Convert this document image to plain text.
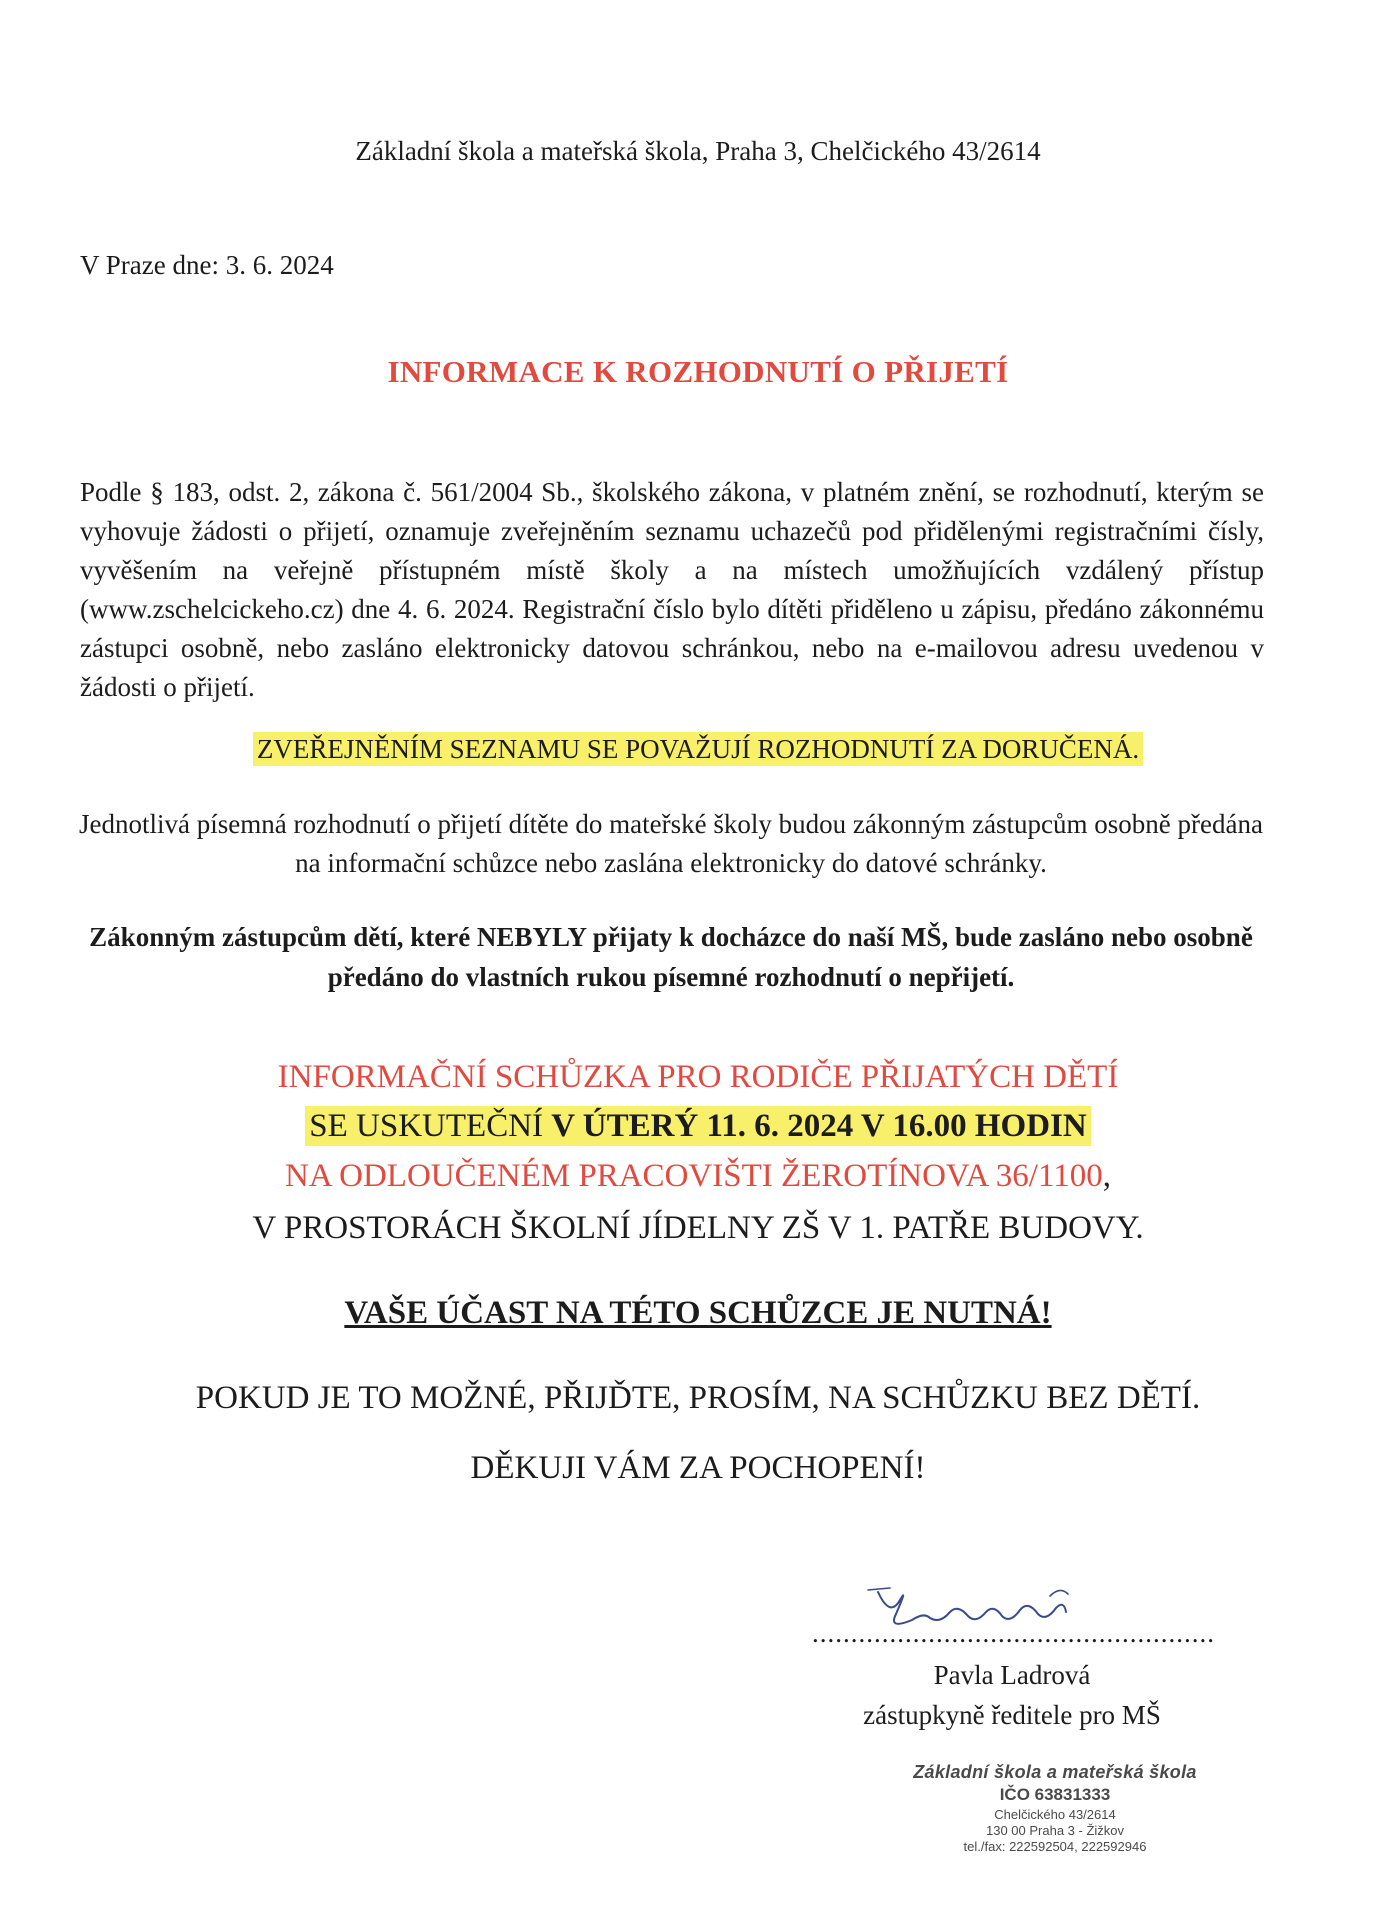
Základní škola a mateřská škola, Praha 3, Chelčického 43/2614
V Praze dne: 3. 6. 2024
INFORMACE K ROZHODNUTÍ O PŘIJETÍ
Podle § 183, odst. 2, zákona č. 561/2004 Sb., školského zákona, v platném znění, se rozhodnutí, kterým se vyhovuje žádosti o přijetí, oznamuje zveřejněním seznamu uchazečů pod přidělenými registračními čísly, vyvěšením na veřejně přístupném místě školy a na místech umožňujících vzdálený přístup (www.zschelcickeho.cz) dne 4. 6. 2024. Registrační číslo bylo dítěti přiděleno u zápisu, předáno zákonnému zástupci osobně, nebo zasláno elektronicky datovou schránkou, nebo na e-mailovou adresu uvedenou v žádosti o přijetí.
ZVEŘEJNĚNÍM SEZNAMU SE POVAŽUJÍ ROZHODNUTÍ ZA DORUČENÁ.
Jednotlivá písemná rozhodnutí o přijetí dítěte do mateřské školy budou zákonným zástupcům osobně předána na informační schůzce nebo zaslána elektronicky do datové schránky.
Zákonným zástupcům dětí, které NEBYLY přijaty k docházce do naší MŠ, bude zasláno nebo osobně předáno do vlastních rukou písemné rozhodnutí o nepřijetí.
INFORMAČNÍ SCHŮZKA PRO RODIČE PŘIJATÝCH DĚTÍ
SE USKUTEČNÍ V ÚTERÝ 11. 6. 2024 V 16.00 HODIN
NA ODLOUČENÉM PRACOVIŠTI ŽEROTÍNOVA 36/1100,
V PROSTORÁCH ŠKOLNÍ JÍDELNY ZŠ V 1. PATŘE BUDOVY.
VAŠE ÚČAST NA TÉTO SCHŮZCE JE NUTNÁ!
POKUD JE TO MOŽNÉ, PŘIJĎTE, PROSÍM, NA SCHŮZKU BEZ DĚTÍ.
DĚKUJI VÁM ZA POCHOPENÍ!
....................................................
Pavla Ladrová
zástupkyně ředitele pro MŠ
Základní škola a mateřská škola
IČO 63831333
Chelčického 43/2614
130 00 Praha 3 - Žižkov
tel./fax: 222592504, 222592946
